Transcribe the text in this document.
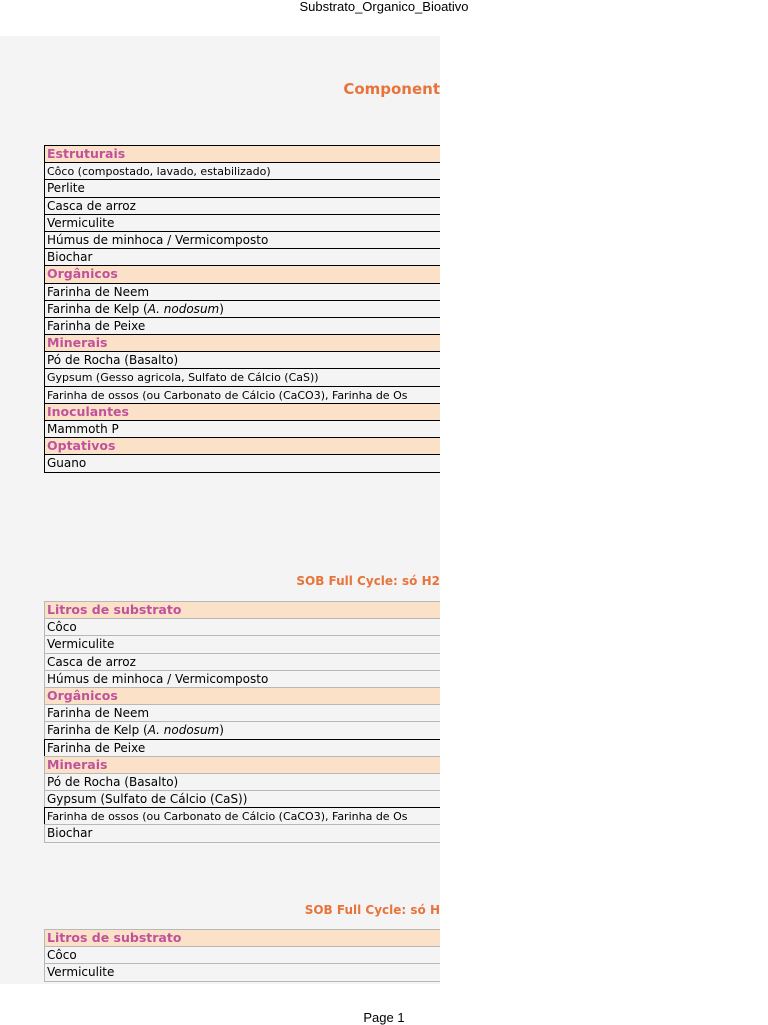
Substrato_Organico_Bioativo
Component
Estruturais
Côco (compostado, lavado, estabilizado)
Perlite
Casca de arroz
Vermiculite
Húmus de minhoca / Vermicomposto
Biochar
Orgânicos
Farinha de Neem
Farinha de Kelp (A. nodosum)
Farinha de Peixe
Minerais
Pó de Rocha (Basalto)
Gypsum (Gesso agricola, Sulfato de Cálcio (CaS))
Farinha de ossos (ou Carbonato de Cálcio (CaCO3), Farinha de Os
Inoculantes
Mammoth P
Optativos
Guano
SOB Full Cycle: só H2
Litros de substrato
Côco
Vermiculite
Casca de arroz
Húmus de minhoca / Vermicomposto
Orgânicos
Farinha de Neem
Farinha de Kelp (A. nodosum)
Farinha de Peixe
Minerais
Pó de Rocha (Basalto)
Gypsum (Sulfato de Cálcio (CaS))
Farinha de ossos (ou Carbonato de Cálcio (CaCO3), Farinha de Os
Biochar
SOB Full Cycle: só H
Litros de substrato
Côco
Vermiculite
Page 1
